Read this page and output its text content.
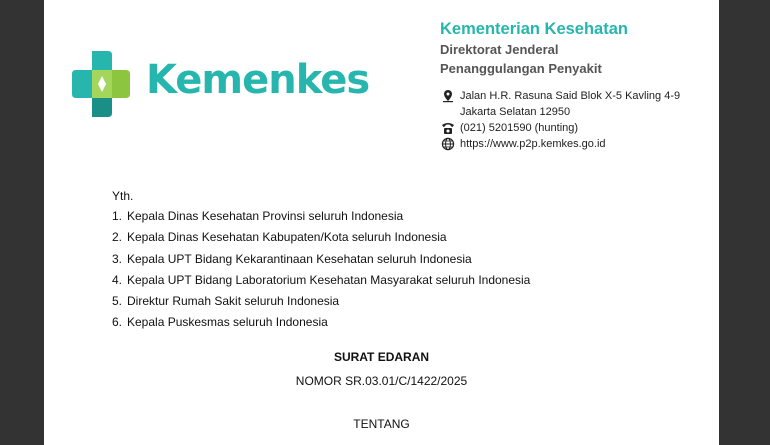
Kemenkes
Kementerian Kesehatan
Direktorat Jenderal
Penanggulangan Penyakit
Jalan H.R. Rasuna Said Blok X-5 Kavling 4-9
Jakarta Selatan 12950
(021) 5201590 (hunting)
https://www.p2p.kemkes.go.id
Yth.
1. Kepala Dinas Kesehatan Provinsi seluruh Indonesia
2. Kepala Dinas Kesehatan Kabupaten/Kota seluruh Indonesia
3. Kepala UPT Bidang Kekarantinaan Kesehatan seluruh Indonesia
4. Kepala UPT Bidang Laboratorium Kesehatan Masyarakat seluruh Indonesia
5. Direktur Rumah Sakit seluruh Indonesia
6. Kepala Puskesmas seluruh Indonesia
SURAT EDARAN
NOMOR SR.03.01/C/1422/2025
TENTANG
